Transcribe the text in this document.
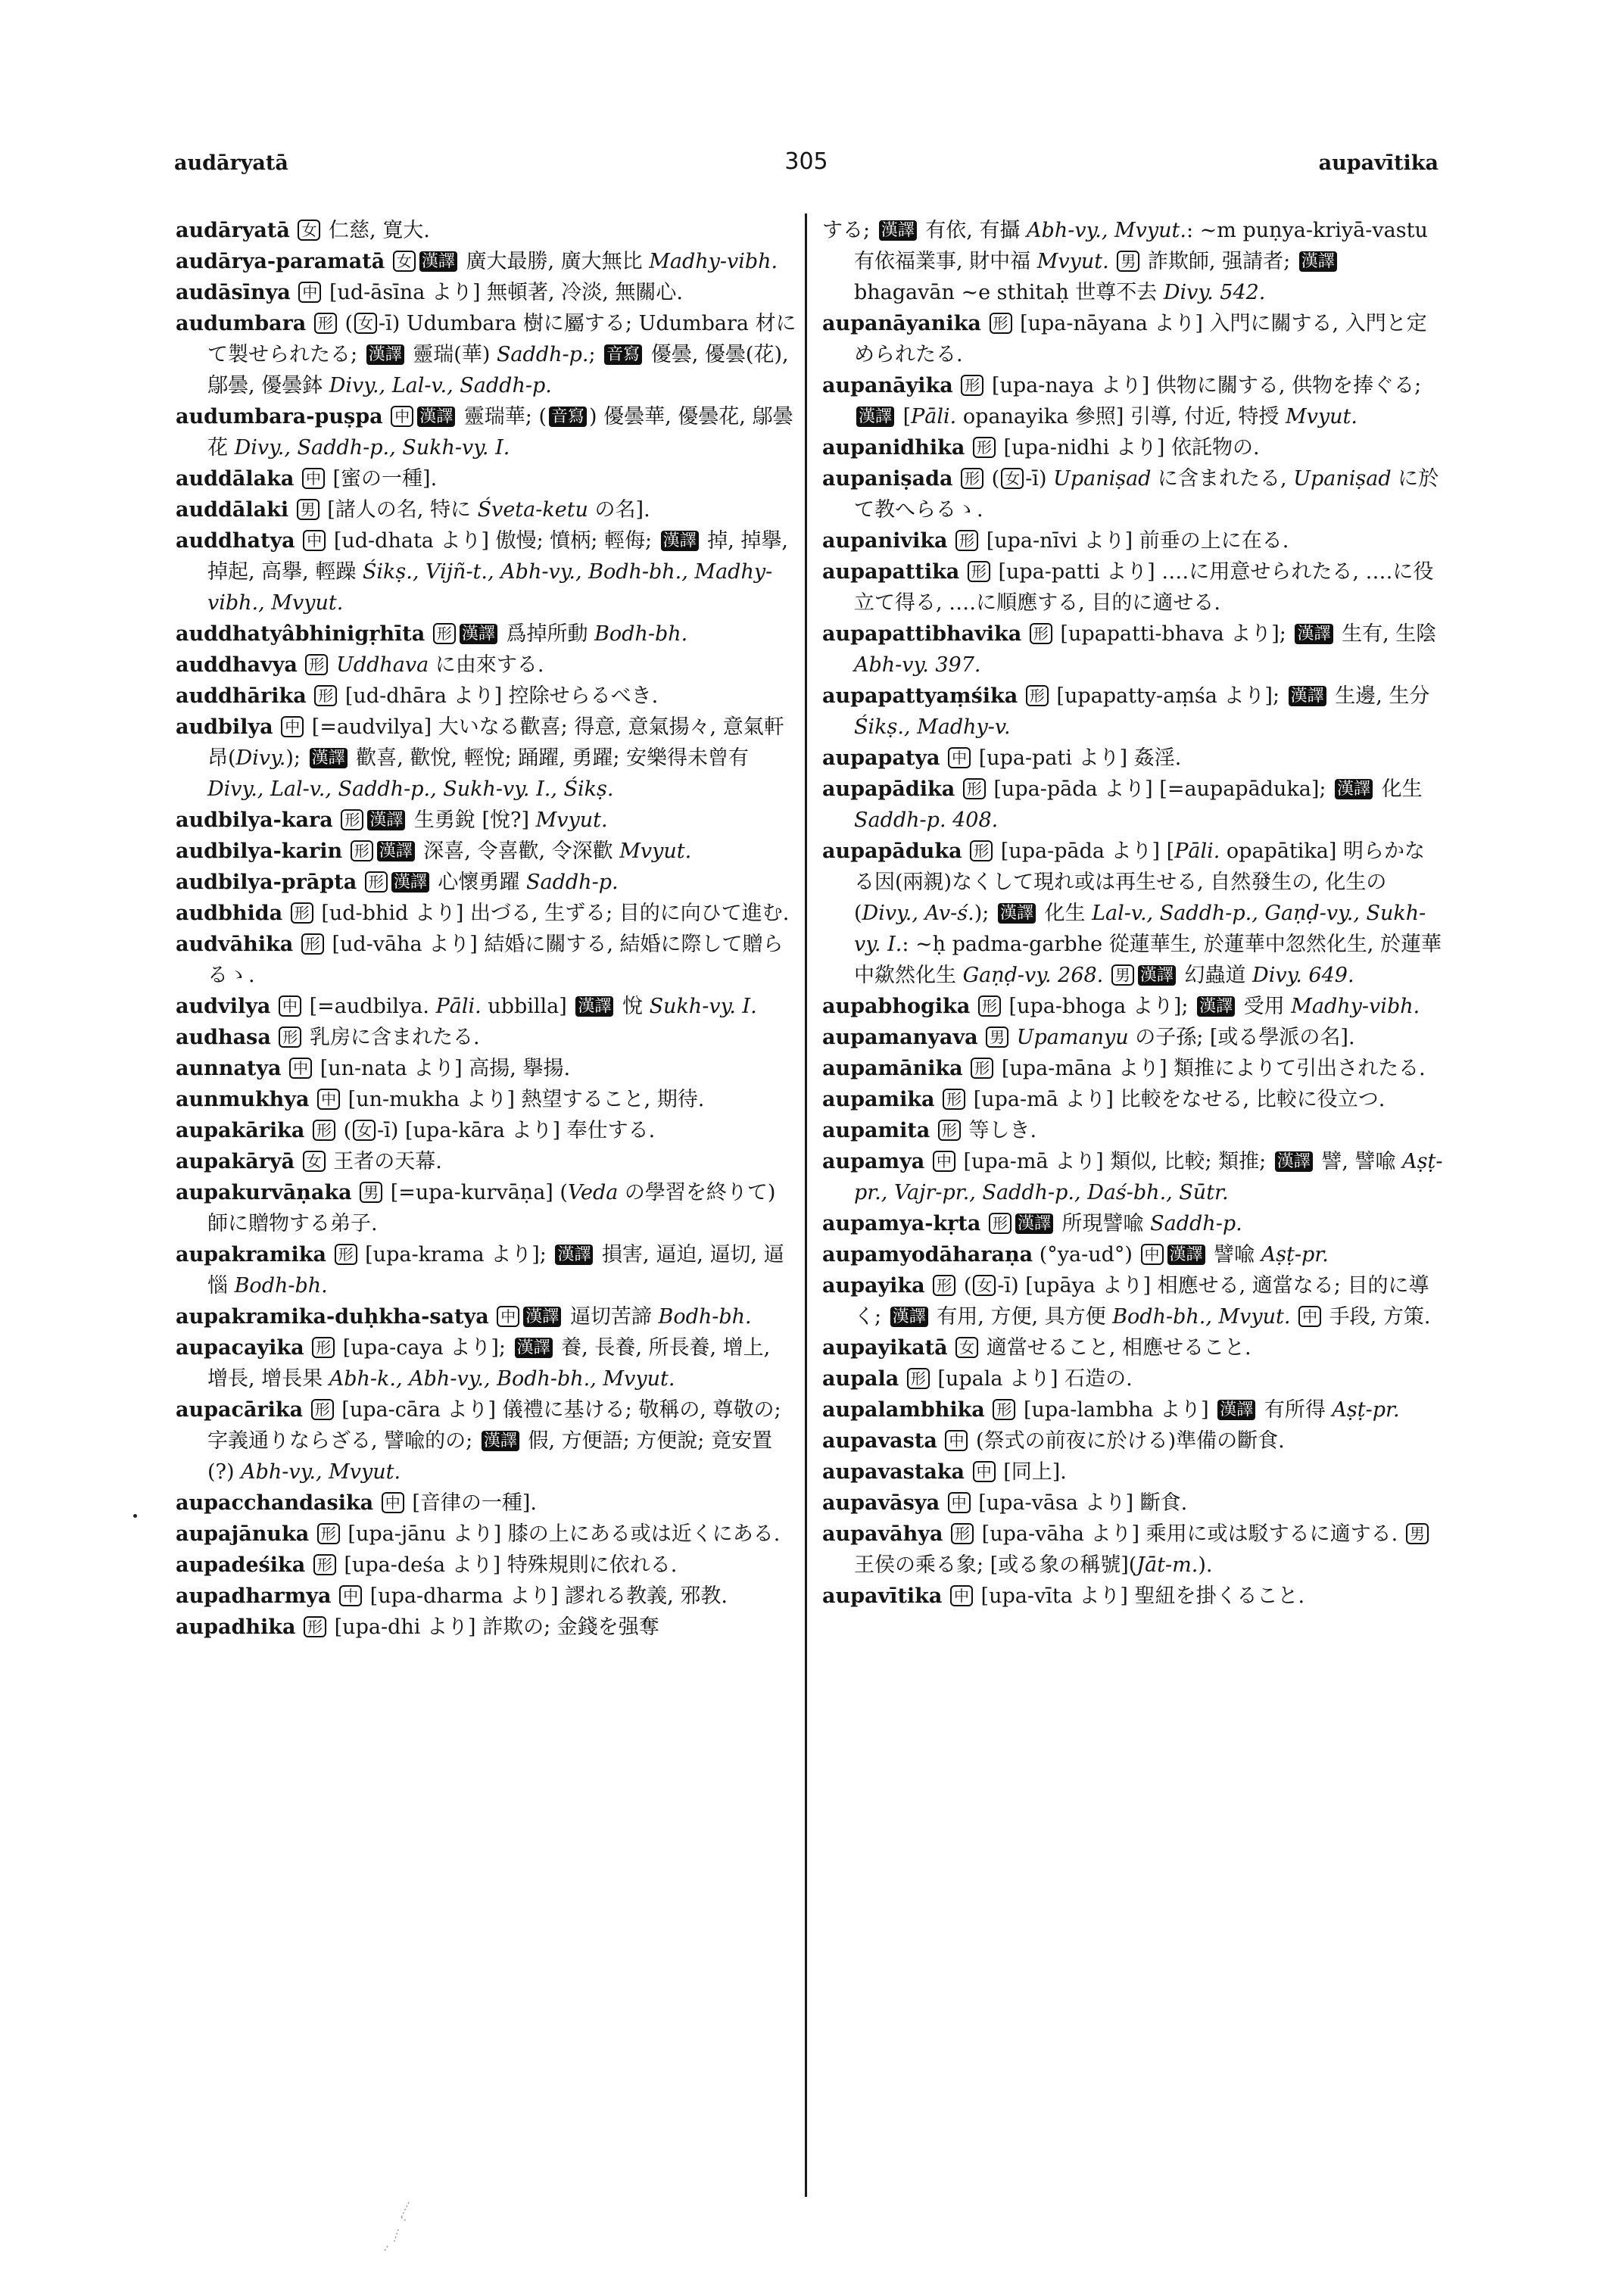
audāryatā	305	aupavītika

audāryatā 女 仁慈, 寛大.

audārya-paramatā 女 漢譯 廣大最勝, 廣大無比 Madhy-vibh.

audāsīnya 中 [ud-āsīna より] 無頓著, 冷淡, 無關心.

audumbara 形 ( 女 -ī) Udumbara 樹に屬する; Udumbara 材にて製せられたる; 漢譯 靈瑞(華) Saddh-p.; 音寫 優曇, 優曇(花), 鄔曇, 優曇鉢 Divy., Lal-v., Saddh-p.

audumbara-puṣpa 中 漢譯 靈瑞華; ( 音寫 ) 優曇華, 優曇花, 鄔曇花 Divy., Saddh-p., Sukh-vy. I.

auddālaka 中 [蜜の一種].

auddālaki 男 [諸人の名, 特に Śveta-ketu の名].

auddhatya 中 [ud-dhata より] 傲慢; 憤柄; 輕侮; 漢譯 掉, 掉擧, 掉起, 高擧, 輕躁 Śikṣ., Vijñ-t., Abh-vy., Bodh-bh., Madhy-vibh., Mvyut.

auddhatyâbhinigṛhīta 形 漢譯 爲掉所動 Bodh-bh.

auddhavya 形 Uddhava に由來する.

auddhārika 形 [ud-dhāra より] 控除せらるべき.

audbilya 中 [=audvilya] 大いなる歡喜; 得意, 意氣揚々, 意氣軒昂(Divy.); 漢譯 歡喜, 歡悅, 輕悅; 踊躍, 勇躍; 安樂得未曾有 Divy., Lal-v., Saddh-p., Sukh-vy. I., Śikṣ.

audbilya-kara 形 漢譯 生勇銳 [悅?] Mvyut.

audbilya-karin 形 漢譯 深喜, 令喜歡, 令深歡 Mvyut.

audbilya-prāpta 形 漢譯 心懷勇躍 Saddh-p.

audbhida 形 [ud-bhid より] 出づる, 生ずる; 目的に向ひて進む.

audvāhika 形 [ud-vāha より] 結婚に關する, 結婚に際して贈らるゝ.

audvilya 中 [=audbilya. Pāli. ubbilla] 漢譯 悅 Sukh-vy. I.

audhasa 形 乳房に含まれたる.

aunnatya 中 [un-nata より] 高揚, 擧揚.

aunmukhya 中 [un-mukha より] 熱望すること, 期待.

aupakārika 形 ( 女 -ī) [upa-kāra より] 奉仕する.

aupakāryā 女 王者の天幕.

aupakurvāṇaka 男 [=upa-kurvāṇa] (Veda の學習を終りて) 師に贈物する弟子.

aupakramika 形 [upa-krama より]; 漢譯 損害, 逼迫, 逼切, 逼惱 Bodh-bh.

aupakramika-duḥkha-satya 中 漢譯 逼切苦諦 Bodh-bh.

aupacayika 形 [upa-caya より]; 漢譯 養, 長養, 所長養, 增上, 增長, 增長果 Abh-k., Abh-vy., Bodh-bh., Mvyut.

aupacārika 形 [upa-cāra より] 儀禮に基ける; 敬稱の, 尊敬の; 字義通りならざる, 譬喩的の; 漢譯 假, 方便語; 方便說; 竟安置(?) Abh-vy., Mvyut.

aupacchandasika 中 [音律の一種].

aupajānuka 形 [upa-jānu より] 膝の上にある或は近くにある.

aupadeśika 形 [upa-deśa より] 特殊規則に依れる.

aupadharmya 中 [upa-dharma より] 謬れる教義, 邪教.

aupadhika 形 [upa-dhi より] 詐欺の; 金錢を强奪

する; 漢譯 有依, 有攝 Abh-vy., Mvyut.: ∼m puṇya-kriyā-vastu 有依福業事, 財中福 Mvyut. 男 詐欺師, 强請者; 漢譯 bhagavān ∼e sthitaḥ 世尊不去 Divy. 542.

aupanāyanika 形 [upa-nāyana より] 入門に關する, 入門と定められたる.

aupanāyika 形 [upa-naya より] 供物に關する, 供物を捧ぐる; 漢譯 [Pāli. opanayika 參照] 引導, 付近, 特授 Mvyut.

aupanidhika 形 [upa-nidhi より] 依託物の.

aupaniṣada 形 ( 女 -ī) Upaniṣad に含まれたる, Upaniṣad に於て教へらるゝ.

aupanivika 形 [upa-nīvi より] 前垂の上に在る.

aupapattika 形 [upa-patti より] ‥‥に用意せられたる, ‥‥に役立て得る, ‥‥に順應する, 目的に適せる.

aupapattibhavika 形 [upapatti-bhava より]; 漢譯 生有, 生陰 Abh-vy. 397.

aupapattyaṃśika 形 [upapatty-aṃśa より]; 漢譯 生邊, 生分 Śikṣ., Madhy-v.

aupapatya 中 [upa-pati より] 姦淫.

aupapādika 形 [upa-pāda より] [=aupapāduka]; 漢譯 化生 Saddh-p. 408.

aupapāduka 形 [upa-pāda より] [Pāli. opapātika] 明らかなる因(兩親)なくして現れ或は再生せる, 自然發生の, 化生の (Divy., Av-ś.); 漢譯 化生 Lal-v., Saddh-p., Gaṇḍ-vy., Sukh-vy. I.: ∼ḥ padma-garbhe 從蓮華生, 於蓮華中忽然化生, 於蓮華中歘然化生 Gaṇḍ-vy. 268. 男 漢譯 幻蟲道 Divy. 649.

aupabhogika 形 [upa-bhoga より]; 漢譯 受用 Madhy-vibh.

aupamanyava 男 Upamanyu の子孫; [或る學派の名].

aupamānika 形 [upa-māna より] 類推によりて引出されたる.

aupamika 形 [upa-mā より] 比較をなせる, 比較に役立つ.

aupamita 形 等しき.

aupamya 中 [upa-mā より] 類似, 比較; 類推; 漢譯 譬, 譬喩 Aṣṭ-pr., Vajr-pr., Saddh-p., Daś-bh., Sūtr.

aupamya-kṛta 形 漢譯 所現譬喩 Saddh-p.

aupamyodāharaṇa (°ya-ud°) 中 漢譯 譬喩 Aṣṭ-pr.

aupayika 形 ( 女 -ī) [upāya より] 相應せる, 適當なる; 目的に導く; 漢譯 有用, 方便, 具方便 Bodh-bh., Mvyut. 中 手段, 方策.

aupayikatā 女 適當せること, 相應せること.

aupala 形 [upala より] 石造の.

aupalambhika 形 [upa-lambha より] 漢譯 有所得 Aṣṭ-pr.

aupavasta 中 (祭式の前夜に於ける)準備の斷食.

aupavastaka 中 [同上].

aupavāsya 中 [upa-vāsa より] 斷食.

aupavāhya 形 [upa-vāha より] 乘用に或は駁するに適する. 男 王侯の乘る象; [或る象の稱號](Jāt-m.).

aupavītika 中 [upa-vīta より] 聖紐を掛くること.
